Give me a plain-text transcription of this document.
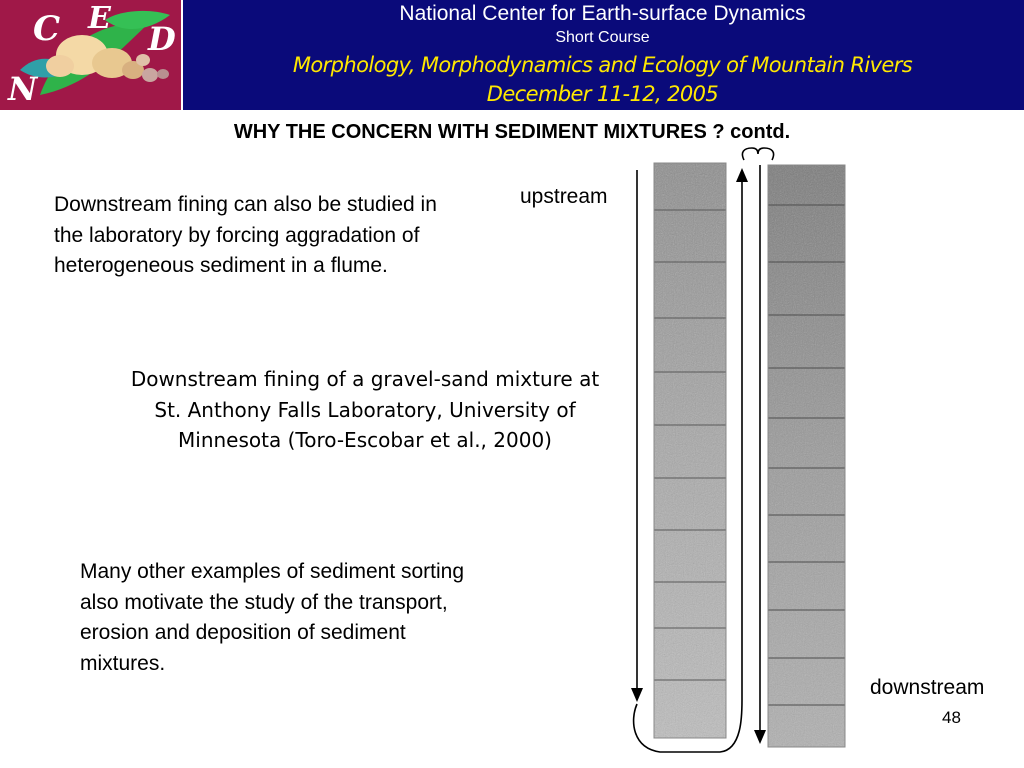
C E
D
N
National Center for Earth-surface Dynamics
Short Course
Morphology, Morphodynamics and Ecology of Mountain Rivers
December 11-12, 2005
WHY THE CONCERN WITH SEDIMENT MIXTURES ? contd.
Downstream fining can also be studied in the laboratory by forcing aggradation of heterogeneous sediment in a flume.
Downstream fining of a gravel-sand mixture at St. Anthony Falls Laboratory, University of Minnesota (Toro-Escobar et al., 2000)
Many other examples of sediment sorting also motivate the study of the transport, erosion and deposition of sediment mixtures.
upstream
downstream
48
